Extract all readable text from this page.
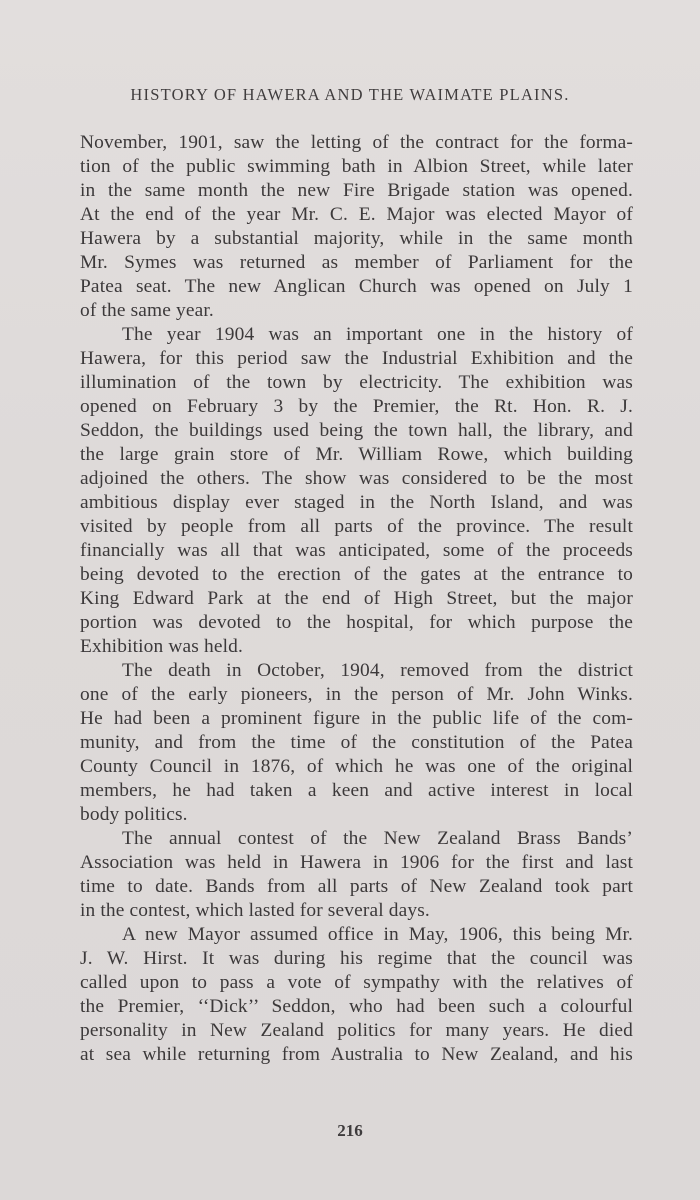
HISTORY OF HAWERA AND THE WAIMATE PLAINS.
November, 1901, saw the letting of the contract for the forma-
tion of the public swimming bath in Albion Street, while later
in the same month the new Fire Brigade station was opened.
At the end of the year Mr. C. E. Major was elected Mayor of
Hawera by a substantial majority, while in the same month
Mr. Symes was returned as member of Parliament for the
Patea seat. The new Anglican Church was opened on July 1
of the same year.
The year 1904 was an important one in the history of
Hawera, for this period saw the Industrial Exhibition and the
illumination of the town by electricity. The exhibition was
opened on February 3 by the Premier, the Rt. Hon. R. J.
Seddon, the buildings used being the town hall, the library, and
the large grain store of Mr. William Rowe, which building
adjoined the others. The show was considered to be the most
ambitious display ever staged in the North Island, and was
visited by people from all parts of the province. The result
financially was all that was anticipated, some of the proceeds
being devoted to the erection of the gates at the entrance to
King Edward Park at the end of High Street, but the major
portion was devoted to the hospital, for which purpose the
Exhibition was held.
The death in October, 1904, removed from the district
one of the early pioneers, in the person of Mr. John Winks.
He had been a prominent figure in the public life of the com-
munity, and from the time of the constitution of the Patea
County Council in 1876, of which he was one of the original
members, he had taken a keen and active interest in local
body politics.
The annual contest of the New Zealand Brass Bands’
Association was held in Hawera in 1906 for the first and last
time to date. Bands from all parts of New Zealand took part
in the contest, which lasted for several days.
A new Mayor assumed office in May, 1906, this being Mr.
J. W. Hirst. It was during his regime that the council was
called upon to pass a vote of sympathy with the relatives of
the Premier, ‘‘Dick’’ Seddon, who had been such a colourful
personality in New Zealand politics for many years. He died
at sea while returning from Australia to New Zealand, and his
216
